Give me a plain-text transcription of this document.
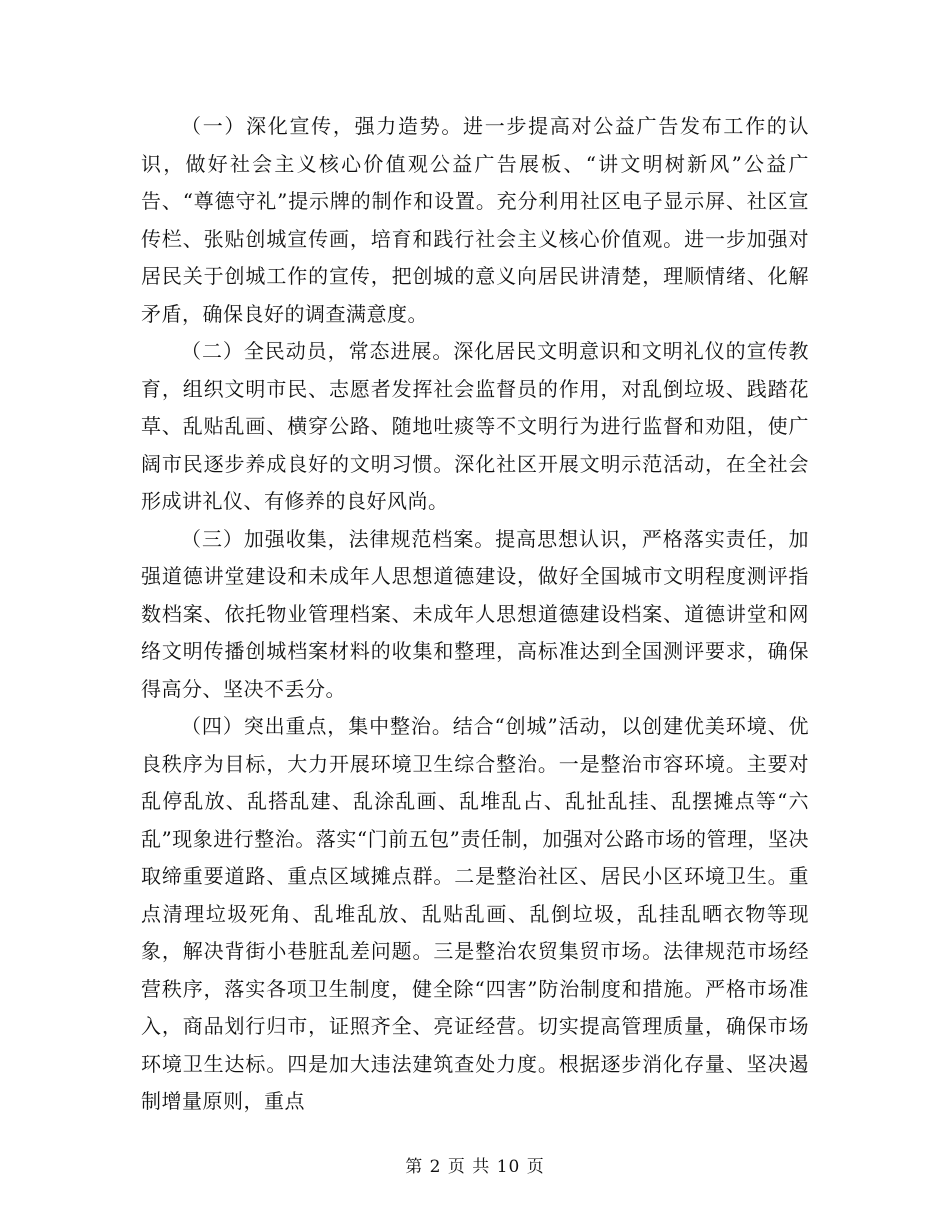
（一）深化宣传，强力造势。进一步提高对公益广告发布工作的认识，做好社会主义核心价值观公益广告展板、“讲文明树新风”公益广告、“尊德守礼”提示牌的制作和设置。充分利用社区电子显示屏、社区宣传栏、张贴创城宣传画，培育和践行社会主义核心价值观。进一步加强对居民关于创城工作的宣传，把创城的意义向居民讲清楚，理顺情绪、化解矛盾，确保良好的调查满意度。

（二）全民动员，常态进展。深化居民文明意识和文明礼仪的宣传教育，组织文明市民、志愿者发挥社会监督员的作用，对乱倒垃圾、践踏花草、乱贴乱画、横穿公路、随地吐痰等不文明行为进行监督和劝阻，使广阔市民逐步养成良好的文明习惯。深化社区开展文明示范活动，在全社会形成讲礼仪、有修养的良好风尚。

（三）加强收集，法律规范档案。提高思想认识，严格落实责任，加强道德讲堂建设和未成年人思想道德建设，做好全国城市文明程度测评指数档案、依托物业管理档案、未成年人思想道德建设档案、道德讲堂和网络文明传播创城档案材料的收集和整理，高标准达到全国测评要求，确保得高分、坚决不丢分。

（四）突出重点，集中整治。结合“创城”活动，以创建优美环境、优良秩序为目标，大力开展环境卫生综合整治。一是整治市容环境。主要对乱停乱放、乱搭乱建、乱涂乱画、乱堆乱占、乱扯乱挂、乱摆摊点等“六乱”现象进行整治。落实“门前五包”责任制，加强对公路市场的管理，坚决取缔重要道路、重点区域摊点群。二是整治社区、居民小区环境卫生。重点清理垃圾死角、乱堆乱放、乱贴乱画、乱倒垃圾，乱挂乱晒衣物等现象，解决背街小巷脏乱差问题。三是整治农贸集贸市场。法律规范市场经营秩序，落实各项卫生制度，健全除“四害”防治制度和措施。严格市场准入，商品划行归市，证照齐全、亮证经营。切实提高管理质量，确保市场环境卫生达标。四是加大违法建筑查处力度。根据逐步消化存量、坚决遏制增量原则，重点

第 2 页 共 10 页
